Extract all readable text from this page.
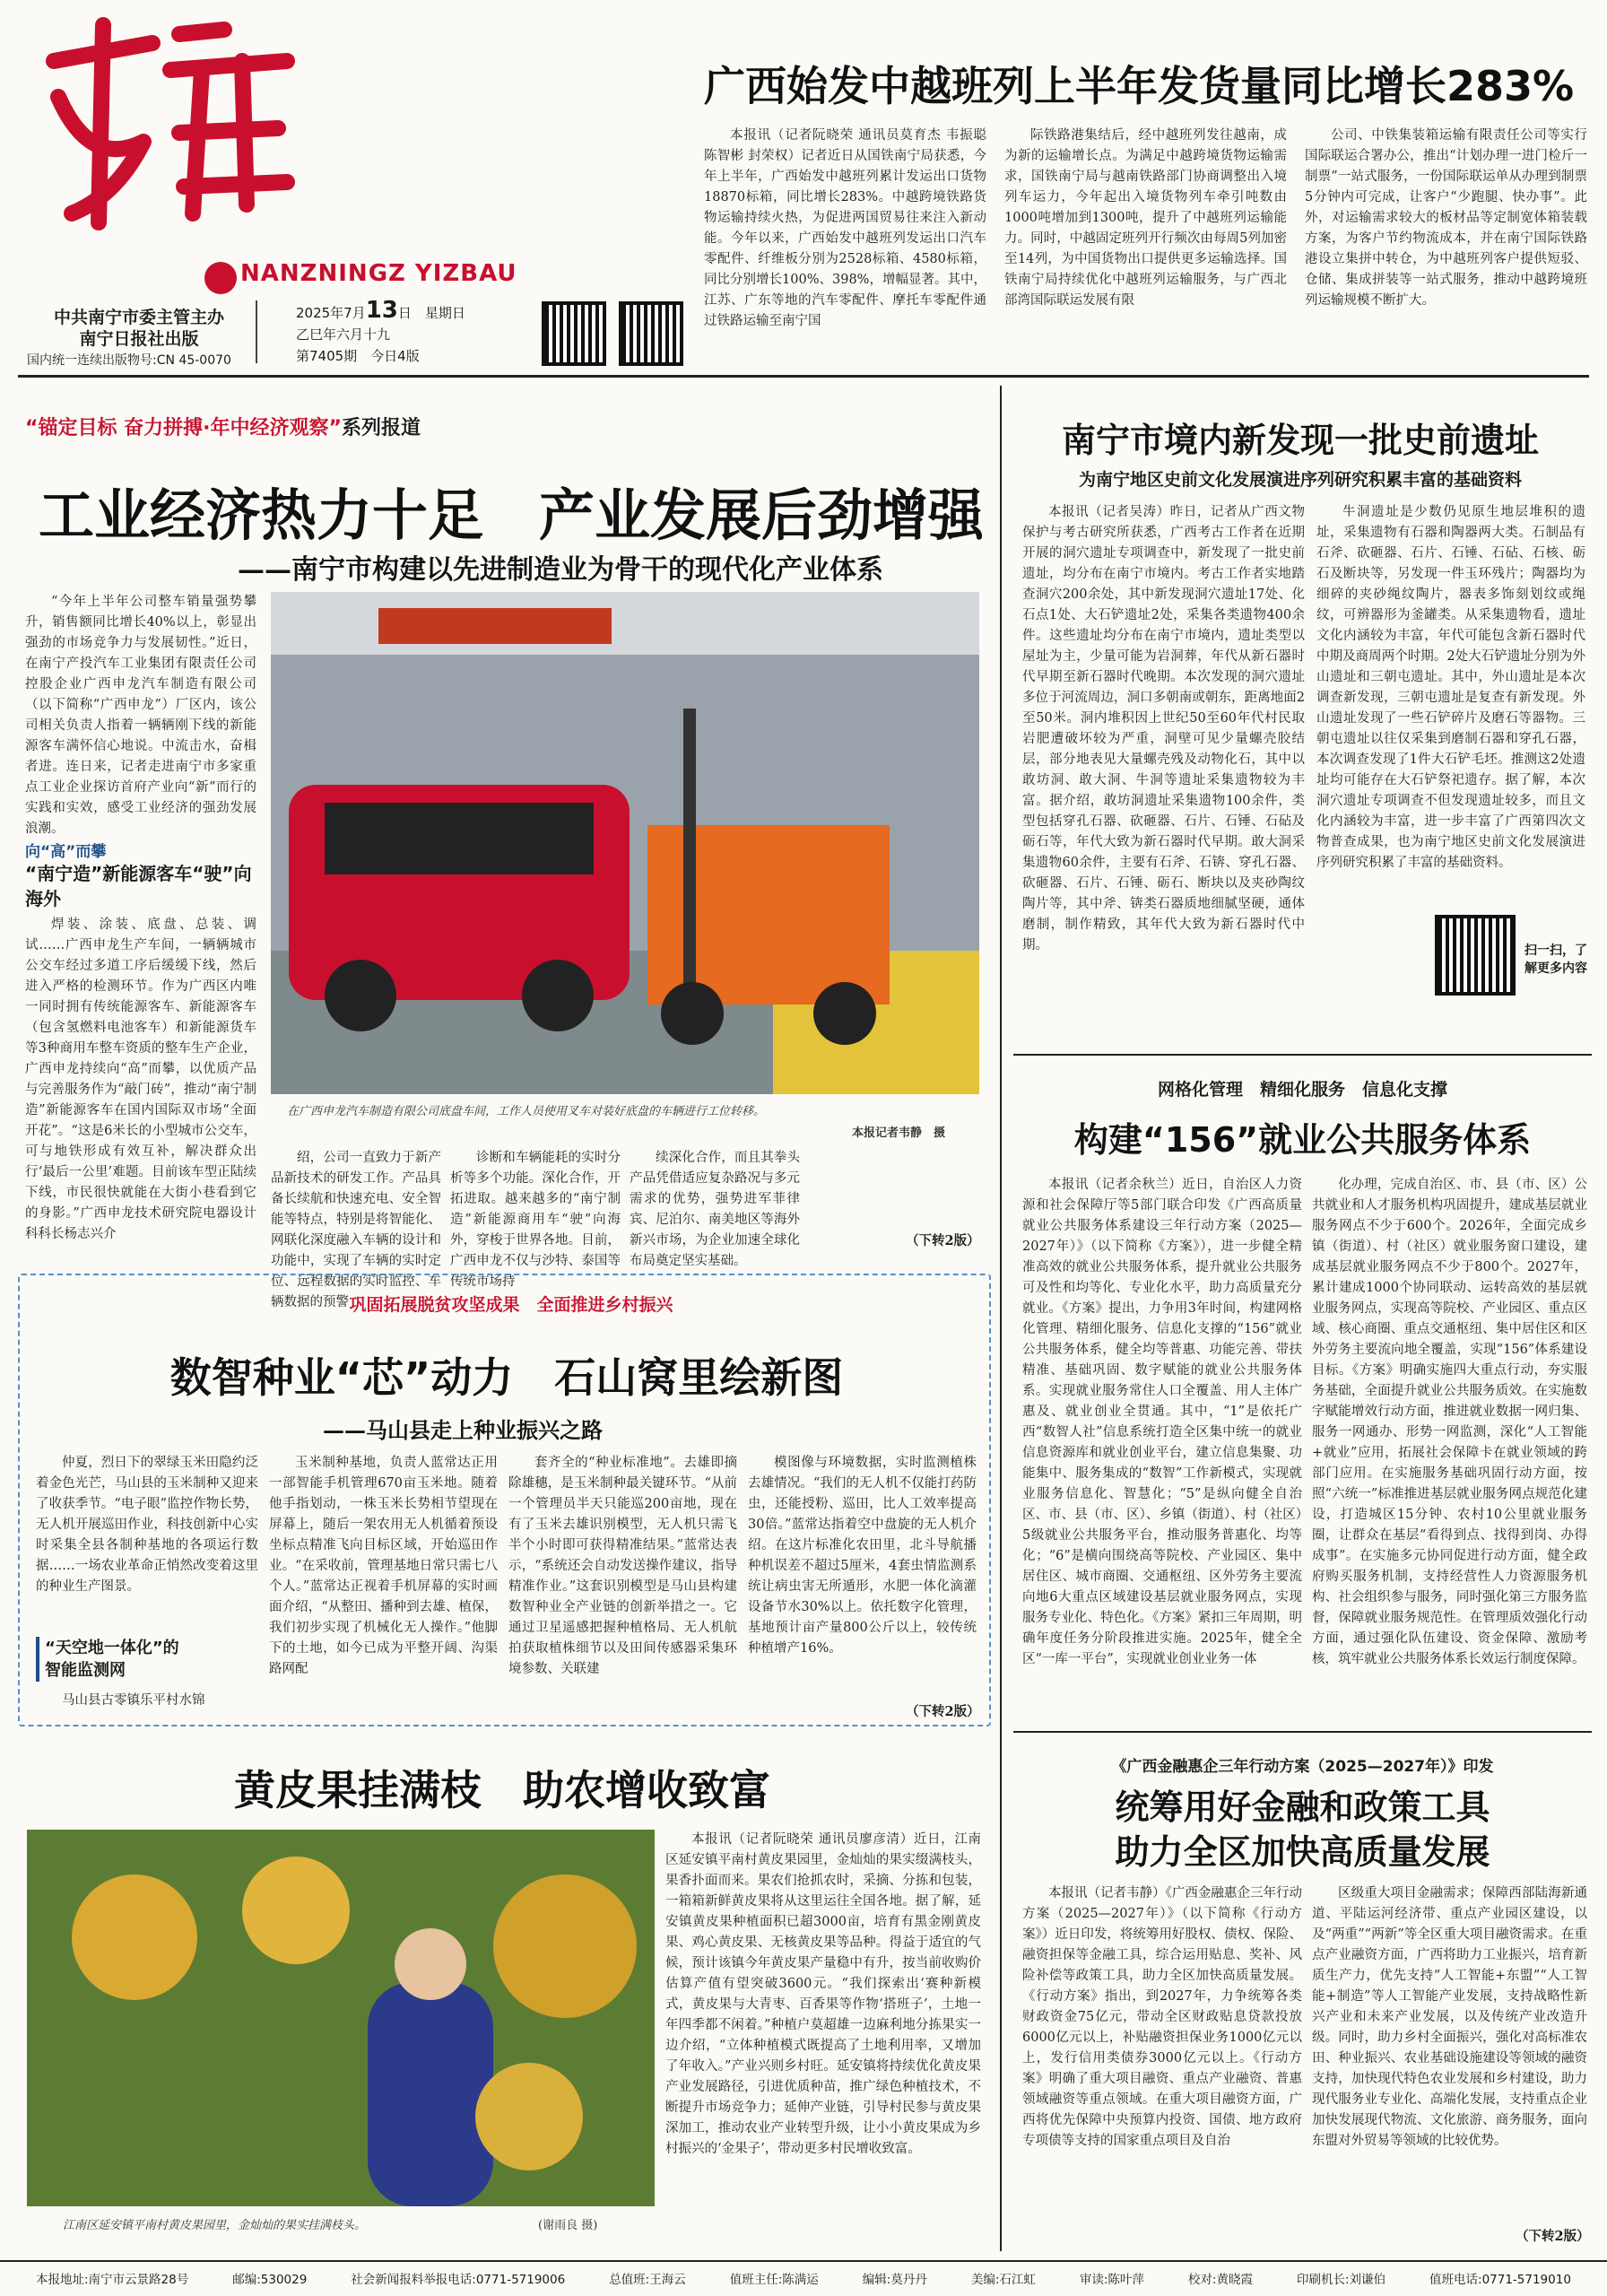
NANZNINGZ YIZBAU
中共南宁市委主管主办
南宁日报社出版
国内统一连续出版物号:CN 45-0070
2025年7月13日　星期日
乙巳年六月十九
第7405期　今日4版
广西始发中越班列上半年发货量同比增长283%

本报讯（记者阮晓荣 通讯员莫育杰 韦振聪 陈智彬 封荣权）记者近日从国铁南宁局获悉，今年上半年，广西始发中越班列累计发运出口货物18870标箱，同比增长283%。中越跨境铁路货物运输持续火热，为促进两国贸易往来注入新动能。今年以来，广西始发中越班列发运出口汽车零配件、纤维板分别为2528标箱、4580标箱，同比分别增长100%、398%，增幅显著。其中，江苏、广东等地的汽车零配件、摩托车零配件通过铁路运输至南宁国

际铁路港集结后，经中越班列发往越南，成为新的运输增长点。为满足中越跨境货物运输需求，国铁南宁局与越南铁路部门协商调整出入境列车运力，今年起出入境货物列车牵引吨数由1000吨增加到1300吨，提升了中越班列运输能力。同时，中越固定班列开行频次由每周5列加密至14列，为中国货物出口提供更多运输选择。国铁南宁局持续优化中越班列运输服务，与广西北部湾国际联运发展有限

公司、中铁集装箱运输有限责任公司等实行国际联运合署办公，推出“计划办理一进门检斤一制票”一站式服务，一份国际联运单从办理到制票5分钟内可完成，让客户“少跑腿、快办事”。此外，对运输需求较大的板材品等定制宽体箱装载方案，为客户节约物流成本，并在南宁国际铁路港设立集拼中转仓，为中越班列客户提供短驳、仓储、集成拼装等一站式服务，推动中越跨境班列运输规模不断扩大。

“锚定目标 奋力拼搏·年中经济观察”系列报道
工业经济热力十足　产业发展后劲增强
——南宁市构建以先进制造业为骨干的现代化产业体系

“今年上半年公司整车销量强势攀升，销售额同比增长40%以上，彰显出强劲的市场竞争力与发展韧性。”近日，在南宁产投汽车工业集团有限责任公司控股企业广西申龙汽车制造有限公司（以下简称“广西申龙”）厂区内，该公司相关负责人指着一辆辆刚下线的新能源客车满怀信心地说。中流击水，奋楫者进。连日来，记者走进南宁市多家重点工业企业探访首府产业向“新”而行的实践和实效，感受工业经济的强劲发展浪潮。

向“高”而攀
“南宁造”新能源客车“驶”向海外

焊装、涂装、底盘、总装、调试……广西申龙生产车间，一辆辆城市公交车经过多道工序后缓缓下线，然后进入严格的检测环节。作为广西区内唯一同时拥有传统能源客车、新能源客车（包含氢燃料电池客车）和新能源货车等3种商用车整车资质的整车生产企业，广西申龙持续向“高”而攀，以优质产品与完善服务作为“敲门砖”，推动“南宁制造”新能源客车在国内国际双市场“全面开花”。“这是6米长的小型城市公交车，可与地铁形成有效互补，解决群众出行‘最后一公里’难题。目前该车型正陆续下线，市民很快就能在大街小巷看到它的身影。”广西申龙技术研究院电器设计科科长杨志兴介

在广西申龙汽车制造有限公司底盘车间，工作人员使用叉车对装好底盘的车辆进行工位转移。
本报记者韦静　摄

绍，公司一直致力于新产品新技术的研发工作。产品具备长续航和快速充电、安全智能等特点，特别是将智能化、网联化深度融入车辆的设计和功能中，实现了车辆的实时定位、远程数据的实时监控、车辆数据的预警

诊断和车辆能耗的实时分析等多个功能。深化合作，开拓进取。越来越多的“南宁制造”新能源商用车“驶”向海外，穿梭于世界各地。目前，广西申龙不仅与沙特、泰国等传统市场持

续深化合作，而且其拳头产品凭借适应复杂路况与多元需求的优势，强势进军菲律宾、尼泊尔、南美地区等海外新兴市场，为企业加速全球化布局奠定坚实基础。

（下转2版）
巩固拓展脱贫攻坚成果　全面推进乡村振兴
数智种业“芯”动力　石山窝里绘新图
——马山县走上种业振兴之路

仲夏，烈日下的翠绿玉米田隐约泛着金色光芒，马山县的玉米制种又迎来了收获季节。“电子眼”监控作物长势，无人机开展巡田作业，科技创新中心实时采集全县各制种基地的各项运行数据……一场农业革命正悄然改变着这里的种业生产图景。

“天空地一体化”的
智能监测网

马山县古零镇乐平村水锦

玉米制种基地，负责人蓝常达正用一部智能手机管理670亩玉米地。随着他手指划动，一株玉米长势相节望现在屏幕上，随后一架农用无人机循着预设坐标点精准飞向目标区域，开始巡田作业。“在采收前，管理基地日常只需七八个人。”蓝常达正视着手机屏幕的实时画面介绍，“从整田、播种到去雄、植保，我们初步实现了机械化无人操作。”他脚下的土地，如今已成为平整开阔、沟渠路网配

套齐全的“种业标准地”。去雄即摘除雄穗，是玉米制种最关键环节。“从前一个管理员半天只能巡200亩地，现在有了玉米去雄识别模型，无人机只需飞半个小时即可获得精准结果。”蓝常达表示，“系统还会自动发送操作建议，指导精准作业。”这套识别模型是马山县构建数智种业全产业链的创新举措之一。它通过卫星遥感把握种植格局、无人机航拍获取植株细节以及田间传感器采集环境参数、关联建

模图像与环境数据，实时监测植株去雄情况。“我们的无人机不仅能打药防虫，还能授粉、巡田，比人工效率提高30倍。”蓝常达指着空中盘旋的无人机介绍。在这片标准化农田里，北斗导航播种机误差不超过5厘米，4套虫情监测系统让病虫害无所遁形，水肥一体化滴灌设备节水30%以上。依托数字化管理，基地预计亩产量800公斤以上，较传统种植增产16%。

（下转2版）
黄皮果挂满枝　助农增收致富
江南区延安镇平南村黄皮果园里，金灿灿的果实挂满枝头。	(谢雨良 摄)

本报讯（记者阮晓荣 通讯员廖彦清）近日，江南区延安镇平南村黄皮果园里，金灿灿的果实缀满枝头，果香扑面而来。果农们抢抓农时，采摘、分拣和包装，一箱箱新鲜黄皮果将从这里运往全国各地。据了解，延安镇黄皮果种植面积已超3000亩，培育有黑金刚黄皮果、鸡心黄皮果、无核黄皮果等品种。得益于适宜的气候，预计该镇今年黄皮果产量稳中有升，按当前收购价估算产值有望突破3600元。“我们探索出‘赛种新模式，黄皮果与大青枣、百香果等作物‘搭班子’，土地一年四季都不闲着。”种植户莫超雄一边麻利地分拣果实一边介绍，“立体种植模式既提高了土地利用率，又增加了年收入。”产业兴则乡村旺。延安镇将持续优化黄皮果产业发展路径，引进优质种苗，推广绿色种植技术，不断提升市场竞争力；延伸产业链，引导村民参与黄皮果深加工，推动农业产业转型升级，让小小黄皮果成为乡村振兴的‘金果子’，带动更多村民增收致富。

南宁市境内新发现一批史前遗址
为南宁地区史前文化发展演进序列研究积累丰富的基础资料

本报讯（记者吴涛）昨日，记者从广西文物保护与考古研究所获悉，广西考古工作者在近期开展的洞穴遗址专项调查中，新发现了一批史前遗址，均分布在南宁市境内。考古工作者实地踏查洞穴200余处，其中新发现洞穴遗址17处、化石点1处、大石铲遗址2处，采集各类遗物400余件。这些遗址均分布在南宁市境内，遗址类型以屋址为主，少量可能为岩洞葬，年代从新石器时代早期至新石器时代晚期。本次发现的洞穴遗址多位于河流周边，洞口多朝南或朝东，距离地面2至50米。洞内堆积因上世纪50至60年代村民取岩肥遭破坏较为严重，洞壁可见少量螺壳胶结层，部分地表见大量螺壳残及动物化石，其中以敢坊洞、敢大洞、牛洞等遗址采集遗物较为丰富。据介绍，敢坊洞遗址采集遗物100余件，类型包括穿孔石器、砍砸器、石片、石锤、石砧及砺石等，年代大致为新石器时代早期。敢大洞采集遗物60余件，主要有石斧、石锛、穿孔石器、砍砸器、石片、石锤、砺石、断块以及夹砂陶纹陶片等，其中斧、锛类石器质地细腻坚硬，通体磨制，制作精致，其年代大致为新石器时代中期。

牛洞遗址是少数仍见原生地层堆积的遗址，采集遗物有石器和陶器两大类。石制品有石斧、砍砸器、石片、石锤、石砧、石核、砺石及断块等，另发现一件玉环残片；陶器均为细碎的夹砂绳纹陶片，器表多饰刻划纹或绳纹，可辨器形为釜罐类。从采集遗物看，遗址文化内涵较为丰富，年代可能包含新石器时代中期及商周两个时期。2处大石铲遗址分别为外山遗址和三朝屯遗址。其中，外山遗址是本次调查新发现，三朝屯遗址是复查有新发现。外山遗址发现了一些石铲碎片及磨石等器物。三朝屯遗址以往仅采集到磨制石器和穿孔石器，本次调查发现了1件大石铲毛坯。推测这2处遗址均可能存在大石铲祭祀遗存。据了解，本次洞穴遗址专项调查不但发现遗址较多，而且文化内涵较为丰富，进一步丰富了广西第四次文物普查成果，也为南宁地区史前文化发展演进序列研究积累了丰富的基础资料。

扫一扫，了解更多内容
网格化管理　精细化服务　信息化支撑
构建“156”就业公共服务体系

本报讯（记者余秋兰）近日，自治区人力资源和社会保障厅等5部门联合印发《广西高质量就业公共服务体系建设三年行动方案（2025—2027年）》（以下简称《方案》），进一步健全精准高效的就业公共服务体系，提升就业公共服务可及性和均等化、专业化水平，助力高质量充分就业。《方案》提出，力争用3年时间，构建网格化管理、精细化服务、信息化支撑的“156”就业公共服务体系，健全均等普惠、功能完善、带扶精准、基础巩固、数字赋能的就业公共服务体系。实现就业服务常住人口全覆盖、用人主体广惠及、就业创业全贯通。其中，“1”是依托广西“数智人社”信息系统打造全区集中统一的就业信息资源库和就业创业平台，建立信息集聚、功能集中、服务集成的“数智”工作新模式，实现就业服务信息化、智慧化；“5”是纵向健全自治区、市、县（市、区）、乡镇（街道）、村（社区）5级就业公共服务平台，推动服务普惠化、均等化；“6”是横向围绕高等院校、产业园区、集中居住区、城市商圈、交通枢纽、区外劳务主要流向地6大重点区域建设基层就业服务网点，实现服务专业化、特色化。《方案》紧扣三年周期，明确年度任务分阶段推进实施。2025年，健全全区“一库一平台”，实现就业创业业务一体

化办理，完成自治区、市、县（市、区）公共就业和人才服务机构巩固提升，建成基层就业服务网点不少于600个。2026年，全面完成乡镇（街道）、村（社区）就业服务窗口建设，建成基层就业服务网点不少于800个。2027年，累计建成1000个协同联动、运转高效的基层就业服务网点，实现高等院校、产业园区、重点区域、核心商圈、重点交通枢纽、集中居住区和区外劳务主要流向地全覆盖，实现“156”体系建设目标。《方案》明确实施四大重点行动，夯实服务基础，全面提升就业公共服务质效。在实施数字赋能增效行动方面，推进就业数据一网归集、服务一网通办、形势一网监测，深化“人工智能+就业”应用，拓展社会保障卡在就业领域的跨部门应用。在实施服务基础巩固行动方面，按照“六统一”标准推进基层就业服务网点规范化建设，打造城区15分钟、农村10公里就业服务圈，让群众在基层“看得到点、找得到岗、办得成事”。在实施多元协同促进行动方面，健全政府购买服务机制，支持经营性人力资源服务机构、社会组织参与服务，同时强化第三方服务监督，保障就业服务规范性。在管理质效强化行动方面，通过强化队伍建设、资金保障、激励考核，筑牢就业公共服务体系长效运行制度保障。

《广西金融惠企三年行动方案（2025—2027年）》印发
统筹用好金融和政策工具
助力全区加快高质量发展

本报讯（记者韦静）《广西金融惠企三年行动方案（2025—2027年）》（以下简称《行动方案》）近日印发，将统筹用好股权、债权、保险、融资担保等金融工具，综合运用贴息、奖补、风险补偿等政策工具，助力全区加快高质量发展。《行动方案》指出，到2027年，力争统筹各类财政资金75亿元，带动全区财政贴息贷款投放6000亿元以上，补贴融资担保业务1000亿元以上，发行信用类债券3000亿元以上。《行动方案》明确了重大项目融资、重点产业融资、普惠领域融资等重点领域。在重大项目融资方面，广西将优先保障中央预算内投资、国债、地方政府专项债等支持的国家重点项目及自治

区级重大项目金融需求；保障西部陆海新通道、平陆运河经济带、重点产业园区建设，以及“两重”“两新”等全区重大项目融资需求。在重点产业融资方面，广西将助力工业振兴，培育新质生产力，优先支持“人工智能+东盟”“人工智能+制造”等人工智能产业发展，支持战略性新兴产业和未来产业发展，以及传统产业改造升级。同时，助力乡村全面振兴，强化对高标准农田、种业振兴、农业基础设施建设等领域的融资支持，加快现代特色农业发展和乡村建设，助力现代服务业专业化、高端化发展，支持重点企业加快发展现代物流、文化旅游、商务服务，面向东盟对外贸易等领域的比较优势。

（下转2版）
本报地址:南宁市云景路28号	邮编:530029	社会新闻报料举报电话:0771-5719006	总值班:王海云	值班主任:陈满运	编辑:莫丹丹	美编:石江虹	审读:陈叶萍	校对:黄晓霞	印刷机长:刘谦伯	值班电话:0771-5719010
